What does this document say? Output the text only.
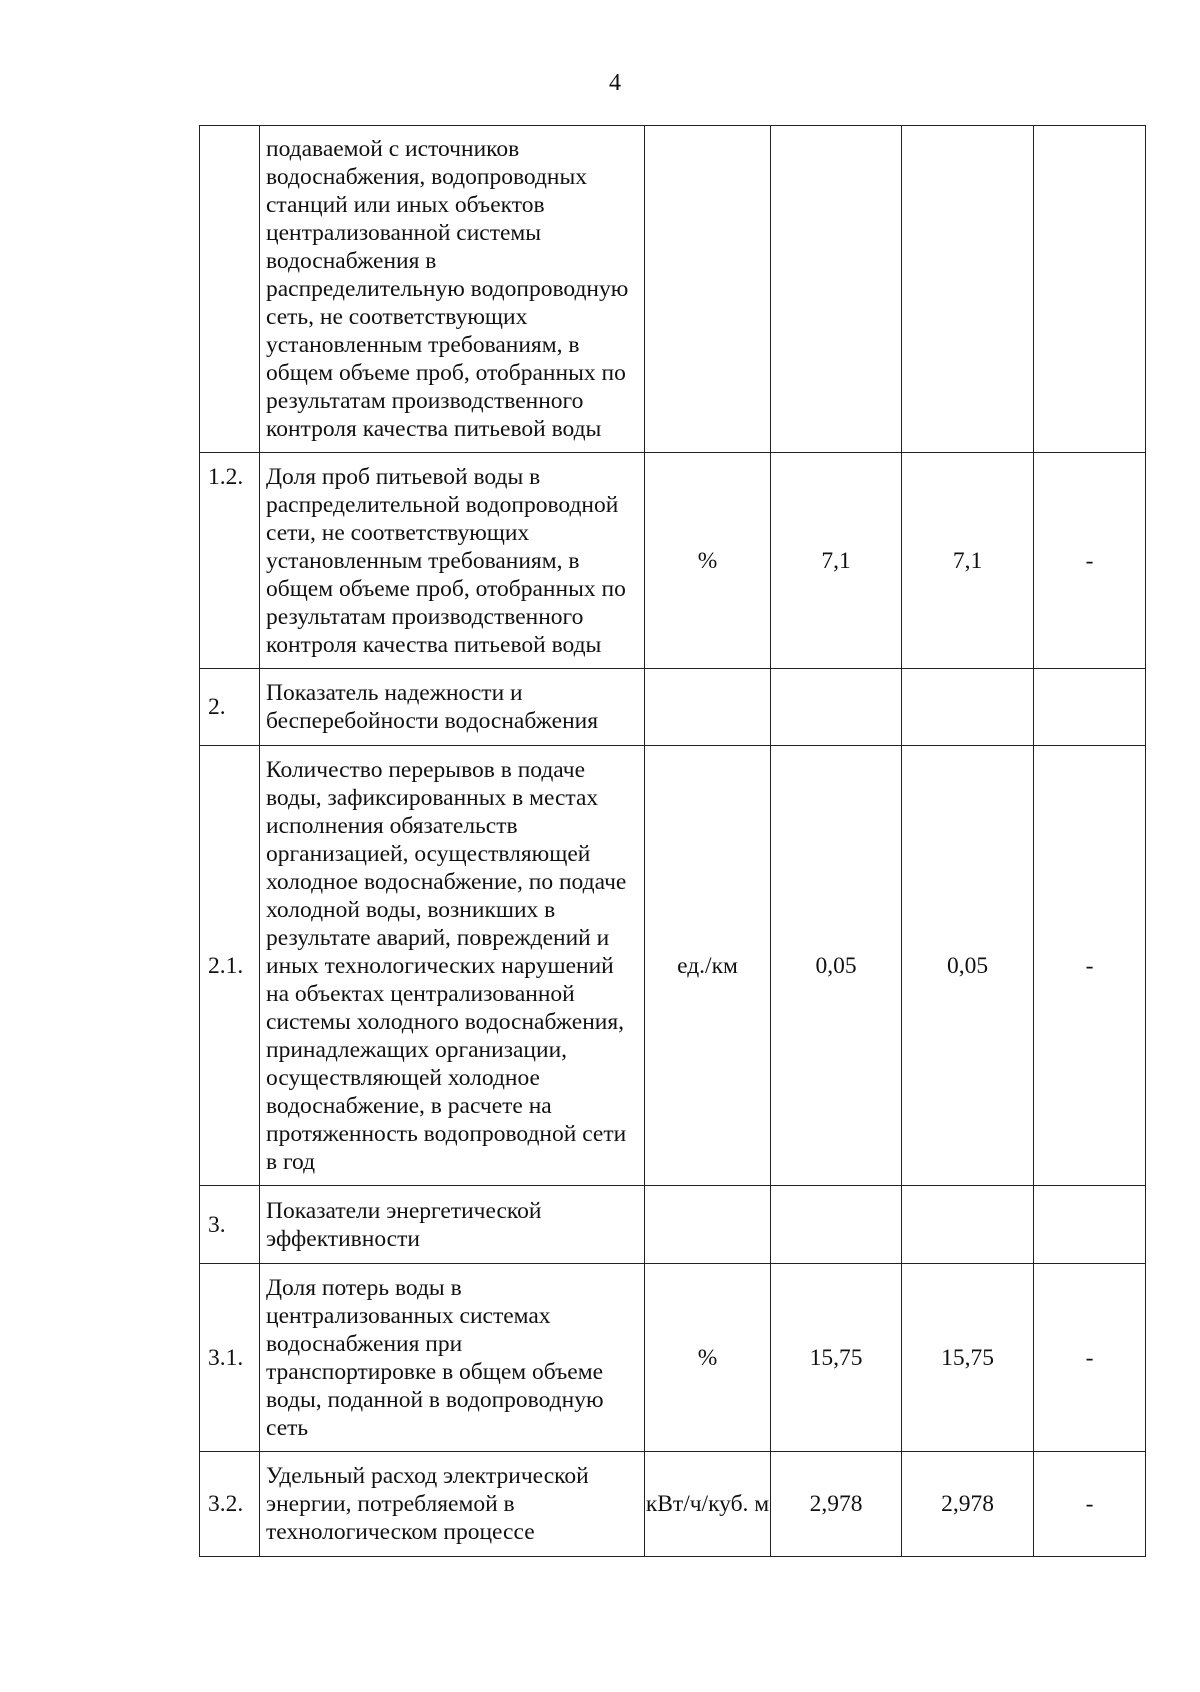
4
	подаваемой с источников водоснабжения, водопроводных станций или иных объектов централизованной системы водоснабжения в распределительную водопроводную сеть, не соответствующих установленным требованиям, в общем объеме проб, отобранных по результатам производственного контроля качества питьевой воды				
1.2.	Доля проб питьевой воды в распределительной водопроводной сети, не соответствующих установленным требованиям, в общем объеме проб, отобранных по результатам производственного контроля качества питьевой воды	%	7,1	7,1	-
2.	Показатель надежности и бесперебойности водоснабжения				
2.1.	Количество перерывов в подаче воды, зафиксированных в местах исполнения обязательств организацией, осуществляющей холодное водоснабжение, по подаче холодной воды, возникших в результате аварий, повреждений и иных технологических нарушений на объектах централизованной системы холодного водоснабжения, принадлежащих организации, осуществляющей холодное водоснабжение, в расчете на протяженность водопроводной сети в год	ед./км	0,05	0,05	-
3.	Показатели энергетической эффективности				
3.1.	Доля потерь воды в централизованных системах водоснабжения при транспортировке в общем объеме воды, поданной в водопроводную сеть	%	15,75	15,75	-
3.2.	Удельный расход электрической энергии, потребляемой в технологическом процессе	кВт/ч/куб. м	2,978	2,978	-
